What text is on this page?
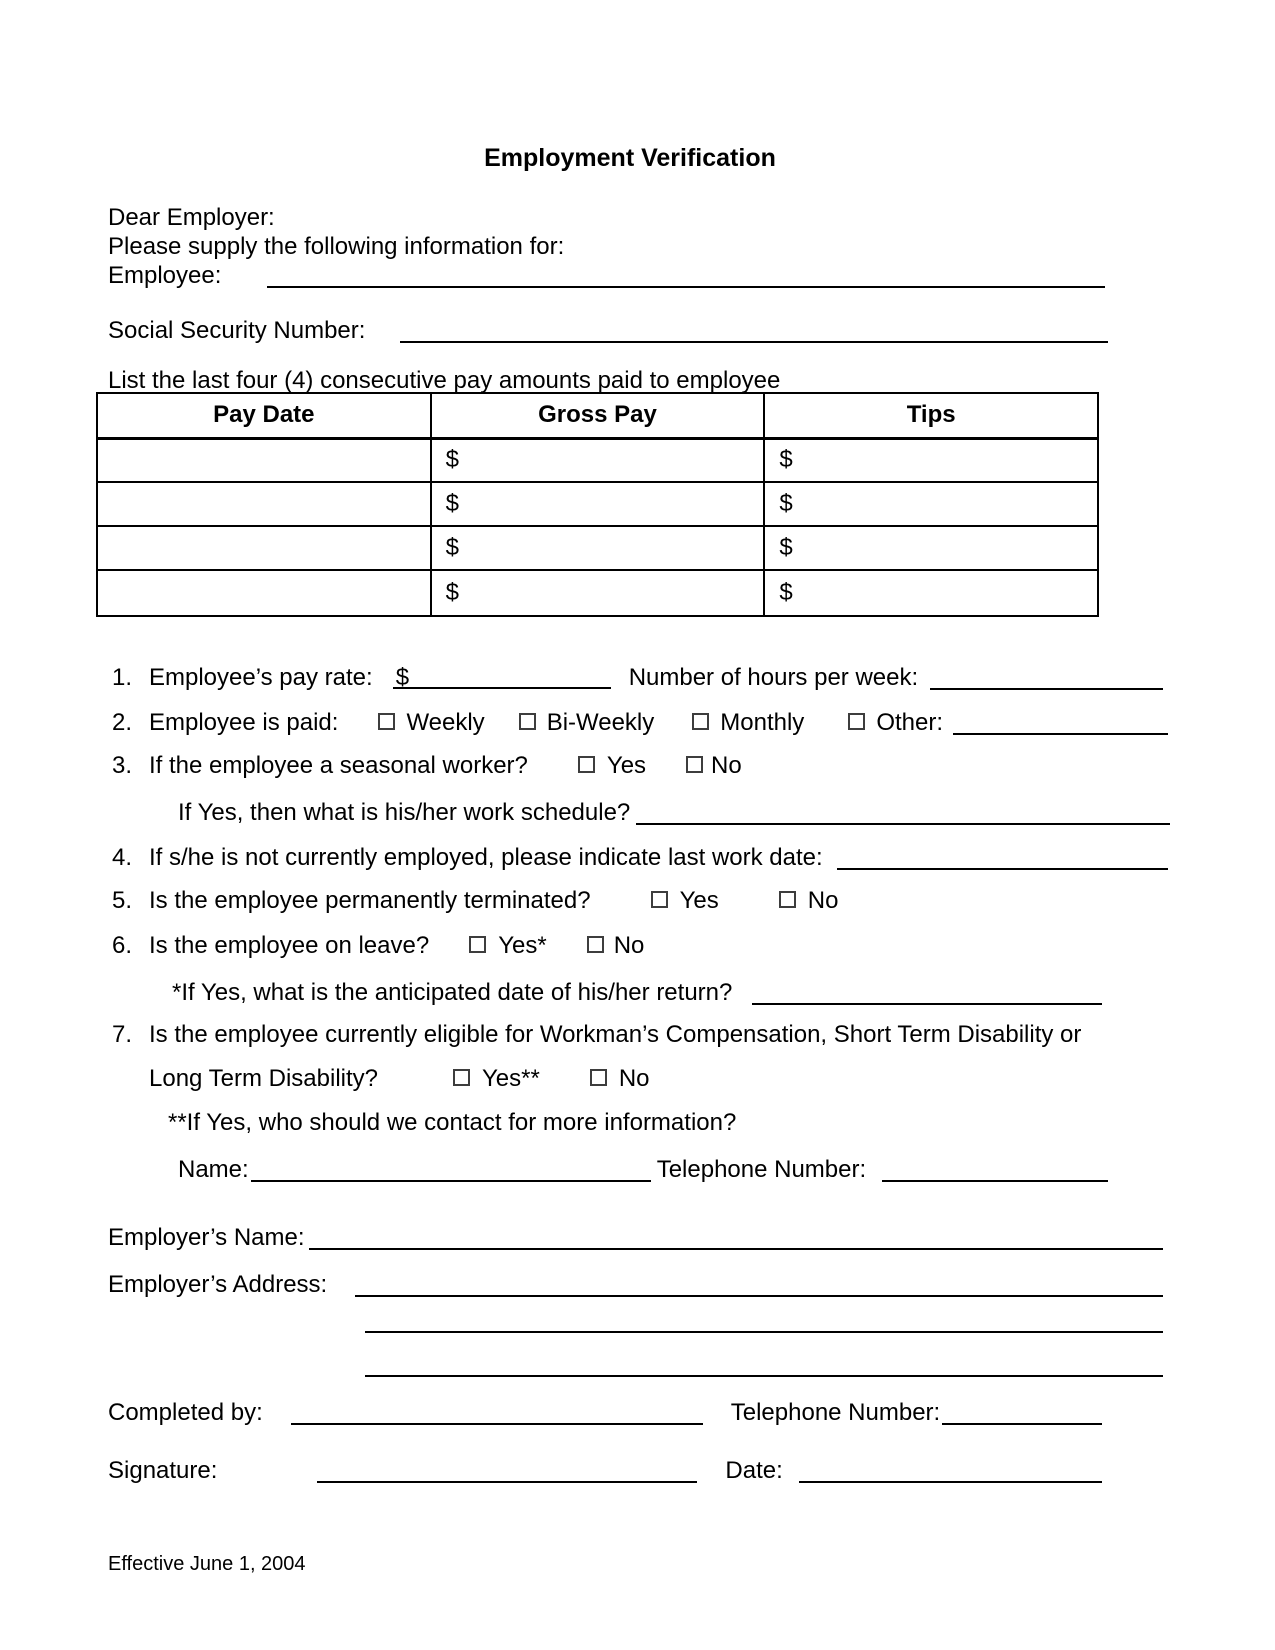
Employment Verification
Dear Employer:
Please supply the following information for:
Employee:
Social Security Number:
List the last four (4) consecutive pay amounts paid to employee
Pay Date	Gross Pay	Tips
	$	$
	$	$
	$	$
	$	$
1. Employee’s pay rate: $	Number of hours per week:
2. Employee is paid:	Weekly	Bi-Weekly	Monthly	Other:
3. If the employee a seasonal worker?	Yes	No
If Yes, then what is his/her work schedule?
4. If s/he is not currently employed, please indicate last work date:
5. Is the employee permanently terminated?	Yes	No
6. Is the employee on leave?	Yes*	No
*If Yes, what is the anticipated date of his/her return?
7. Is the employee currently eligible for Workman’s Compensation, Short Term Disability or
Long Term Disability?	Yes**	No
**If Yes, who should we contact for more information?
Name:	Telephone Number:
Employer’s Name:
Employer’s Address:
Completed by:	Telephone Number:
Signature:	Date:
Effective June 1, 2004
